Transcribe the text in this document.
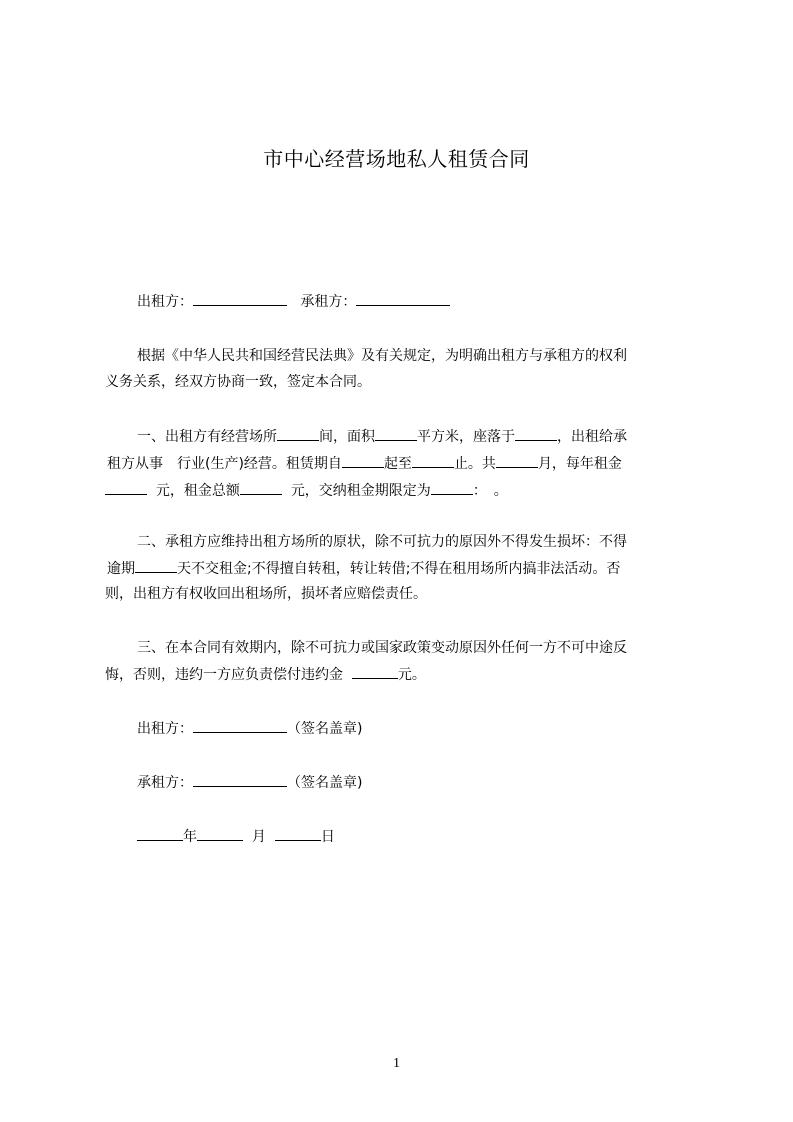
市中心经营场地私人租赁合同
出租方：	承租方：
根据《中华人民共和国经营民法典》及有关规定，为明确出租方与承租方的权利
义务关系，经双方协商一致，签定本合同。
一、出租方有经营场所	间，面积	平方米，座落于	，出租给承
租方从事　行业(生产)经营。租赁期自	起至	止。共	月，每年租金
元，租金总额	元，交纳租金期限定为	：　。
二、承租方应维持出租方场所的原状，除不可抗力的原因外不得发生损坏：不得
逾期	天不交租金;不得擅自转租，转让转借;不得在租用场所内搞非法活动。否
则，出租方有权收回出租场所，损坏者应赔偿责任。
三、在本合同有效期内，除不可抗力或国家政策变动原因外任何一方不可中途反
悔，否则，违约一方应负责偿付违约金	元。
出租方：	（签名盖章)
承租方：	（签名盖章)
年	月	日
1
